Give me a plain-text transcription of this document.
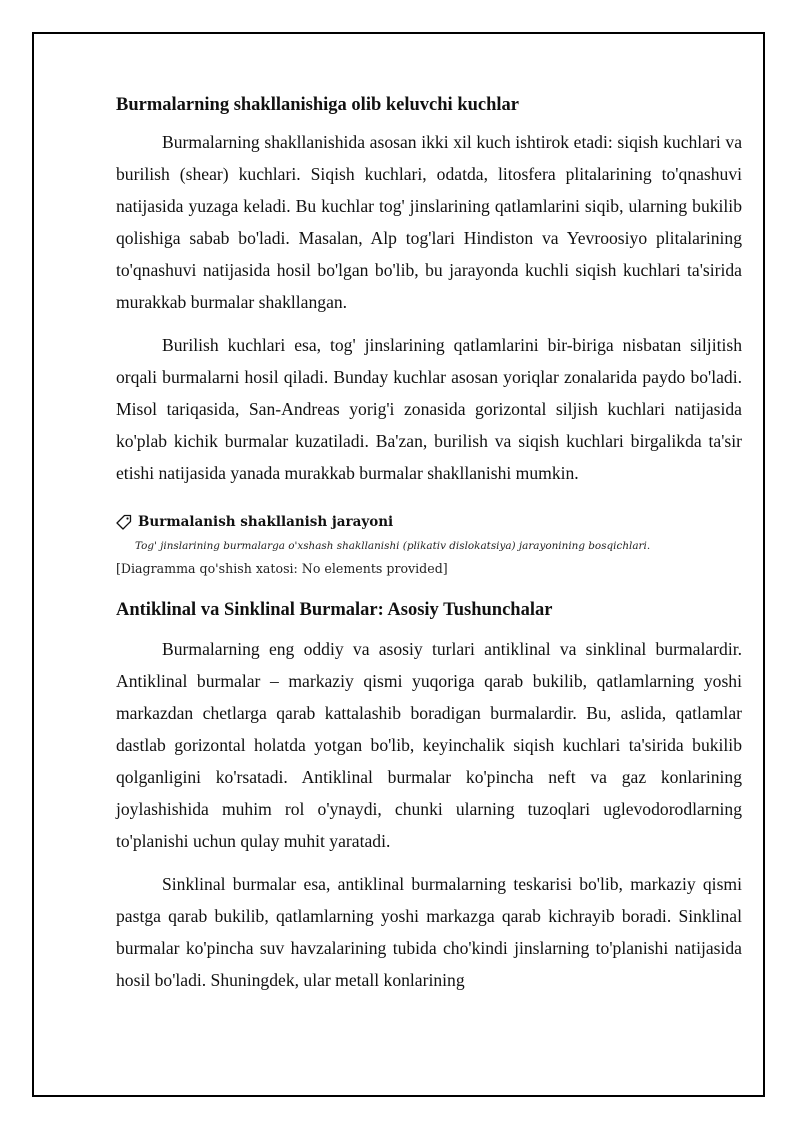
Burmalarning shakllanishiga olib keluvchi kuchlar

Burmalarning shakllanishida asosan ikki xil kuch ishtirok etadi: siqish kuchlari va burilish (shear) kuchlari. Siqish kuchlari, odatda, litosfera plitalarining to'qnashuvi natijasida yuzaga keladi. Bu kuchlar tog' jinslarining qatlamlarini siqib, ularning bukilib qolishiga sabab bo'ladi. Masalan, Alp tog'lari Hindiston va Yevroosiyo plitalarining to'qnashuvi natijasida hosil bo'lgan bo'lib, bu jarayonda kuchli siqish kuchlari ta'sirida murakkab burmalar shakllangan.

Burilish kuchlari esa, tog' jinslarining qatlamlarini bir-biriga nisbatan siljitish orqali burmalarni hosil qiladi. Bunday kuchlar asosan yoriqlar zonalarida paydo bo'ladi. Misol tariqasida, San-Andreas yorig'i zonasida gorizontal siljish kuchlari natijasida ko'plab kichik burmalar kuzatiladi. Ba'zan, burilish va siqish kuchlari birgalikda ta'sir etishi natijasida yanada murakkab burmalar shakllanishi mumkin.

Burmalanish shakllanish jarayoni
Tog' jinslarining burmalarga o'xshash shakllanishi (plikativ dislokatsiya) jarayonining bosqichlari.
[Diagramma qo'shish xatosi: No elements provided]
Antiklinal va Sinklinal Burmalar: Asosiy Tushunchalar

Burmalarning eng oddiy va asosiy turlari antiklinal va sinklinal burmalardir. Antiklinal burmalar – markaziy qismi yuqoriga qarab bukilib, qatlamlarning yoshi markazdan chetlarga qarab kattalashib boradigan burmalardir. Bu, aslida, qatlamlar dastlab gorizontal holatda yotgan bo'lib, keyinchalik siqish kuchlari ta'sirida bukilib qolganligini ko'rsatadi. Antiklinal burmalar ko'pincha neft va gaz konlarining joylashishida muhim rol o'ynaydi, chunki ularning tuzoqlari uglevodorodlarning to'planishi uchun qulay muhit yaratadi.

Sinklinal burmalar esa, antiklinal burmalarning teskarisi bo'lib, markaziy qismi pastga qarab bukilib, qatlamlarning yoshi markazga qarab kichrayib boradi. Sinklinal burmalar ko'pincha suv havzalarining tubida cho'kindi jinslarning to'planishi natijasida hosil bo'ladi. Shuningdek, ular metall konlarining
